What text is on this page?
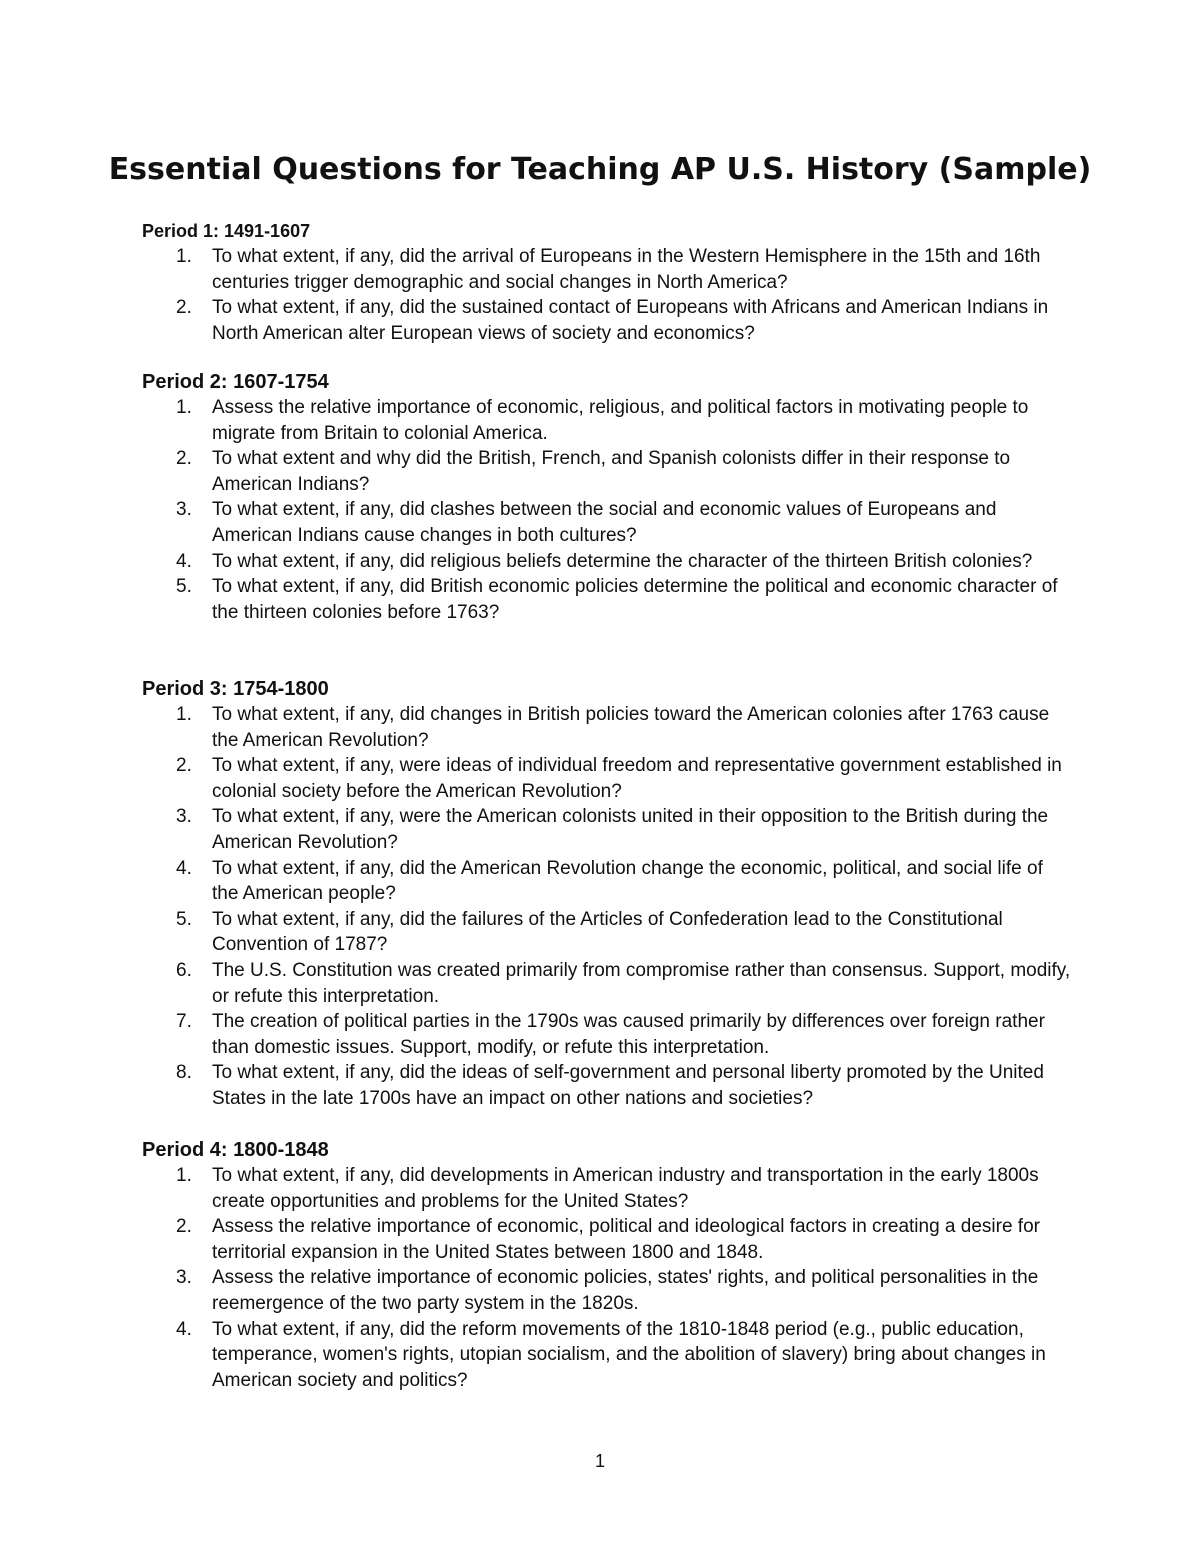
Essential Questions for Teaching AP U.S. History (Sample)
Period 1: 1491-1607
1.	To what extent, if any, did the arrival of Europeans in the Western Hemisphere in the 15th and 16th centuries trigger demographic and social changes in North America?
2.	To what extent, if any, did the sustained contact of Europeans with Africans and American Indians in North American alter European views of society and economics?
Period 2: 1607-1754
1.	Assess the relative importance of economic, religious, and political factors in motivating people to migrate from Britain to colonial America.
2.	To what extent and why did the British, French, and Spanish colonists differ in their response to American Indians?
3.	To what extent, if any, did clashes between the social and economic values of Europeans and American Indians cause changes in both cultures?
4.	To what extent, if any, did religious beliefs determine the character of the thirteen British colonies?
5.	To what extent, if any, did British economic policies determine the political and economic character of the thirteen colonies before 1763?
Period 3: 1754-1800
1.	To what extent, if any, did changes in British policies toward the American colonies after 1763 cause the American Revolution?
2.	To what extent, if any, were ideas of individual freedom and representative government established in colonial society before the American Revolution?
3.	To what extent, if any, were the American colonists united in their opposition to the British during the American Revolution?
4.	To what extent, if any, did the American Revolution change the economic, political, and social life of the American people?
5.	To what extent, if any, did the failures of the Articles of Confederation lead to the Constitutional Convention of 1787?
6.	The U.S. Constitution was created primarily from compromise rather than consensus. Support, modify, or refute this interpretation.
7.	The creation of political parties in the 1790s was caused primarily by differences over foreign rather than domestic issues. Support, modify, or refute this interpretation.
8.	To what extent, if any, did the ideas of self-government and personal liberty promoted by the United States in the late 1700s have an impact on other nations and societies?
Period 4: 1800-1848
1.	To what extent, if any, did developments in American industry and transportation in the early 1800s create opportunities and problems for the United States?
2.	Assess the relative importance of economic, political and ideological factors in creating a desire for territorial expansion in the United States between 1800 and 1848.
3.	Assess the relative importance of economic policies, states' rights, and political personalities in the reemergence of the two party system in the 1820s.
4.	To what extent, if any, did the reform movements of the 1810-1848 period (e.g., public education, temperance, women's rights, utopian socialism, and the abolition of slavery) bring about changes in American society and politics?
1
